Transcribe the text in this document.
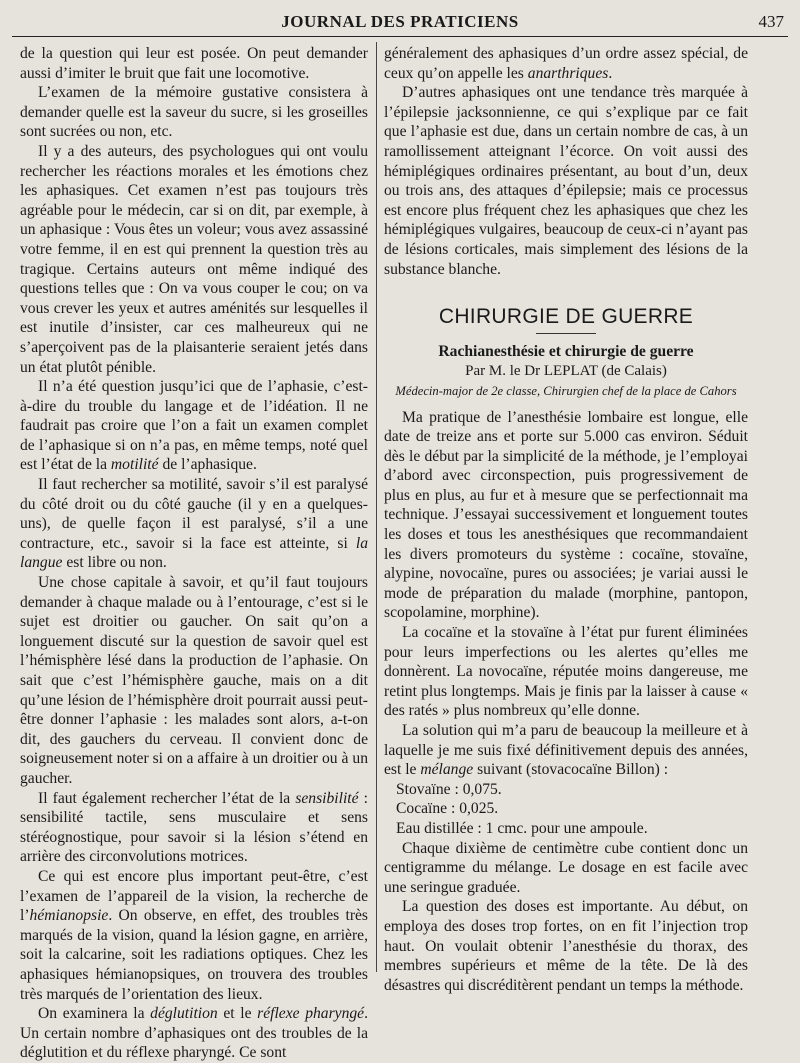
JOURNAL DES PRATICIENS	437

de la question qui leur est posée. On peut demander aussi d’imiter le bruit que fait une locomotive.

L’examen de la mémoire gustative consistera à demander quelle est la saveur du sucre, si les groseilles sont sucrées ou non, etc.

Il y a des auteurs, des psychologues qui ont voulu rechercher les réactions morales et les émotions chez les aphasiques. Cet examen n’est pas toujours très agréable pour le médecin, car si on dit, par exemple, à un aphasique : Vous êtes un voleur; vous avez assassiné votre femme, il en est qui prennent la question très au tragique. Certains auteurs ont même indiqué des questions telles que : On va vous couper le cou; on va vous crever les yeux et autres aménités sur lesquelles il est inutile d’insister, car ces malheureux qui ne s’aperçoivent pas de la plaisanterie seraient jetés dans un état plutôt pénible.

Il n’a été question jusqu’ici que de l’aphasie, c’est-à-dire du trouble du langage et de l’idéation. Il ne faudrait pas croire que l’on a fait un examen complet de l’aphasique si on n’a pas, en même temps, noté quel est l’état de la motilité de l’aphasique.

Il faut rechercher sa motilité, savoir s’il est paralysé du côté droit ou du côté gauche (il y en a quelques-uns), de quelle façon il est paralysé, s’il a une contracture, etc., savoir si la face est atteinte, si la langue est libre ou non.

Une chose capitale à savoir, et qu’il faut toujours demander à chaque malade ou à l’entourage, c’est si le sujet est droitier ou gaucher. On sait qu’on a longuement discuté sur la question de savoir quel est l’hémisphère lésé dans la production de l’aphasie. On sait que c’est l’hémisphère gauche, mais on a dit qu’une lésion de l’hémisphère droit pourrait aussi peut-être donner l’aphasie : les malades sont alors, a-t-on dit, des gauchers du cerveau. Il convient donc de soigneusement noter si on a affaire à un droitier ou à un gaucher.

Il faut également rechercher l’état de la sensibilité : sensibilité tactile, sens musculaire et sens stéréognostique, pour savoir si la lésion s’étend en arrière des circonvolutions motrices.

Ce qui est encore plus important peut-être, c’est l’examen de l’appareil de la vision, la recherche de l’hémianopsie. On observe, en effet, des troubles très marqués de la vision, quand la lésion gagne, en arrière, soit la calcarine, soit les radiations optiques. Chez les aphasiques hémianopsiques, on trouvera des troubles très marqués de l’orientation des lieux.

On examinera la déglutition et le réflexe pharyngé. Un certain nombre d’aphasiques ont des troubles de la déglutition et du réflexe pharyngé. Ce sont

généralement des aphasiques d’un ordre assez spécial, de ceux qu’on appelle les anarthriques.

D’autres aphasiques ont une tendance très marquée à l’épilepsie jacksonnienne, ce qui s’explique par ce fait que l’aphasie est due, dans un certain nombre de cas, à un ramollissement atteignant l’écorce. On voit aussi des hémiplégiques ordinaires présentant, au bout d’un, deux ou trois ans, des attaques d’épilepsie; mais ce processus est encore plus fréquent chez les aphasiques que chez les hémiplégiques vulgaires, beaucoup de ceux-ci n’ayant pas de lésions corticales, mais simplement des lésions de la substance blanche.

CHIRURGIE DE GUERRE
Rachianesthésie et chirurgie de guerre
Par M. le Dr LEPLAT (de Calais)
Médecin-major de 2e classe, Chirurgien chef de la place de Cahors

Ma pratique de l’anesthésie lombaire est longue, elle date de treize ans et porte sur 5.000 cas environ. Séduit dès le début par la simplicité de la méthode, je l’employai d’abord avec circonspection, puis progressivement de plus en plus, au fur et à mesure que se perfectionnait ma technique. J’essayai successivement et longuement toutes les doses et tous les anesthésiques que recommandaient les divers promoteurs du système : cocaïne, stovaïne, alypine, novocaïne, pures ou associées; je variai aussi le mode de préparation du malade (morphine, pantopon, scopolamine, morphine).

La cocaïne et la stovaïne à l’état pur furent éliminées pour leurs imperfections ou les alertes qu’elles me donnèrent. La novocaïne, réputée moins dangereuse, me retint plus longtemps. Mais je finis par la laisser à cause « des ratés » plus nombreux qu’elle donne.

La solution qui m’a paru de beaucoup la meilleure et à laquelle je me suis fixé définitivement depuis des années, est le mélange suivant (stovacocaïne Billon) :

Stovaïne : 0,075.

Cocaïne : 0,025.

Eau distillée : 1 cmc. pour une ampoule.

Chaque dixième de centimètre cube contient donc un centigramme du mélange. Le dosage en est facile avec une seringue graduée.

La question des doses est importante. Au début, on employa des doses trop fortes, on en fit l’injection trop haut. On voulait obtenir l’anesthésie du thorax, des membres supérieurs et même de la tête. De là des désastres qui discréditèrent pendant un temps la méthode.
